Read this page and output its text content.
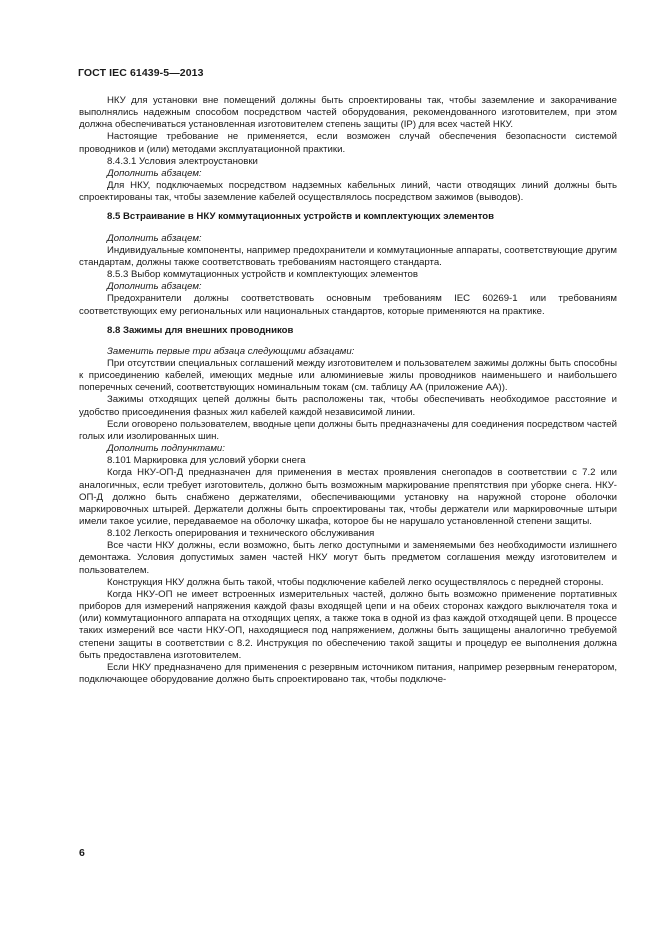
ГОСТ IEC 61439-5—2013

НКУ для установки вне помещений должны быть спроектированы так, чтобы заземление и закорачивание выполнялись надежным способом посредством частей оборудования, рекомендованного изготовителем, при этом должна обеспечиваться установленная изготовителем степень защиты (IP) для всех частей НКУ.

Настоящие требование не применяется, если возможен случай обеспечения безопасности системой проводников и (или) методами эксплуатационной практики.

8.4.3.1 Условия электроустановки

Дополнить абзацем:

Для НКУ, подключаемых посредством надземных кабельных линий, части отводящих линий должны быть спроектированы так, чтобы заземление кабелей осуществлялось посредством зажимов (выводов).

8.5 Встраивание в НКУ коммутационных устройств и комплектующих элементов

Дополнить абзацем:

Индивидуальные компоненты, например предохранители и коммутационные аппараты, соответствующие другим стандартам, должны также соответствовать требованиям настоящего стандарта.

8.5.3 Выбор коммутационных устройств и комплектующих элементов

Дополнить абзацем:

Предохранители должны соответствовать основным требованиям IEC 60269-1 или требованиям соответствующих ему региональных или национальных стандартов, которые применяются на практике.

8.8 Зажимы для внешних проводников

Заменить первые три абзаца следующими абзацами:

При отсутствии специальных соглашений между изготовителем и пользователем зажимы должны быть способны к присоединению кабелей, имеющих медные или алюминиевые жилы проводников наименьшего и наибольшего поперечных сечений, соответствующих номинальным токам (см. таблицу АА (приложение АА)).

Зажимы отходящих цепей должны быть расположены так, чтобы обеспечивать необходимое расстояние и удобство присоединения фазных жил кабелей каждой независимой линии.

Если оговорено пользователем, вводные цепи должны быть предназначены для соединения посредством частей голых или изолированных шин.

Дополнить подпунктами:

8.101 Маркировка для условий уборки снега

Когда НКУ-ОП-Д предназначен для применения в местах проявления снегопадов в соответствии с 7.2 или аналогичных, если требует изготовитель, должно быть возможным маркирование препятствия при уборке снега. НКУ-ОП-Д должно быть снабжено держателями, обеспечивающими установку на наружной стороне оболочки маркировочных штырей. Держатели должны быть спроектированы так, чтобы держатели или маркировочные штыри имели такое усилие, передаваемое на оболочку шкафа, которое бы не нарушало установленной степени защиты.

8.102 Легкость оперирования и технического обслуживания

Все части НКУ должны, если возможно, быть легко доступными и заменяемыми без необходимости излишнего демонтажа. Условия допустимых замен частей НКУ могут быть предметом соглашения между изготовителем и пользователем.

Конструкция НКУ должна быть такой, чтобы подключение кабелей легко осуществлялось с передней стороны.

Когда НКУ-ОП не имеет встроенных измерительных частей, должно быть возможно применение портативных приборов для измерений напряжения каждой фазы входящей цепи и на обеих сторонах каждого выключателя тока и (или) коммутационного аппарата на отходящих цепях, а также тока в одной из фаз каждой отходящей цепи. В процессе таких измерений все части НКУ-ОП, находящиеся под напряжением, должны быть защищены аналогично требуемой степени защиты в соответствии с 8.2. Инструкция по обеспечению такой защиты и процедур ее выполнения должна быть предоставлена изготовителем.

Если НКУ предназначено для применения с резервным источником питания, например резервным генератором, подключающее оборудование должно быть спроектировано так, чтобы подключе-

6
